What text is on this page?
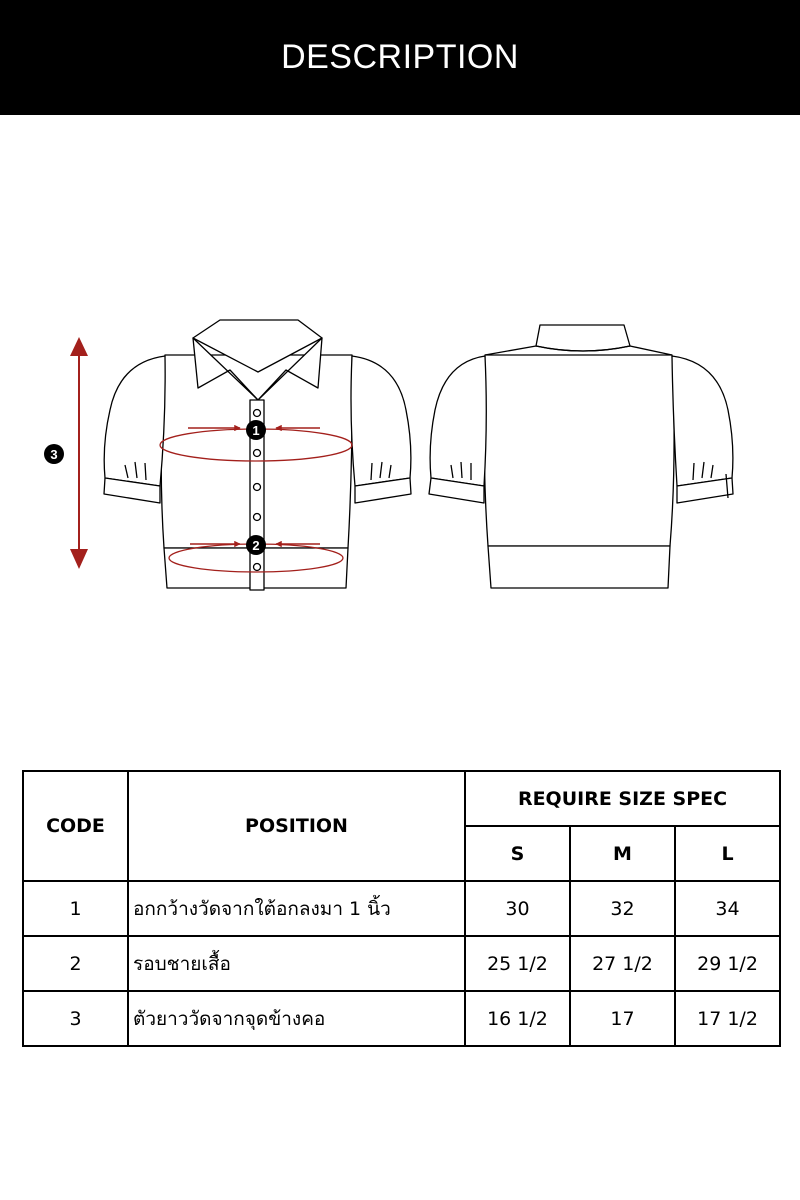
DESCRIPTION
1
2
3
CODE	POSITION	REQUIRE SIZE SPEC		
		S	M	L
1	อกกว้างวัดจากใต้อกลงมา 1 นิ้ว	30	32	34
2	รอบชายเสื้อ	25 1/2	27 1/2	29 1/2
3	ตัวยาววัดจากจุดข้างคอ	16 1/2	17	17 1/2
